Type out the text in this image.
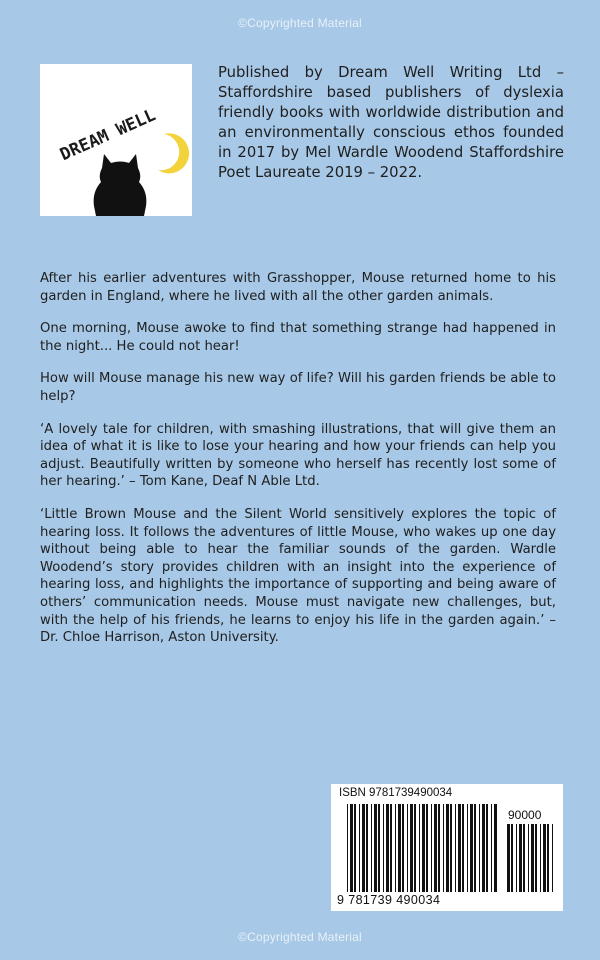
©Copyrighted Material
DREAM WELL

Published by Dream Well Writing Ltd – Staffordshire based publishers of dyslexia friendly books with worldwide distribution and an environmentally conscious ethos founded in 2017 by Mel Wardle Woodend Staffordshire Poet Laureate 2019 – 2022.

After his earlier adventures with Grasshopper, Mouse returned home to his garden in England, where he lived with all the other garden animals.

One morning, Mouse awoke to find that something strange had happened in the night... He could not hear!

How will Mouse manage his new way of life? Will his garden friends be able to help?

‘A lovely tale for children, with smashing illustrations, that will give them an idea of what it is like to lose your hearing and how your friends can help you adjust. Beautifully written by someone who herself has recently lost some of her hearing.’ – Tom Kane, Deaf N Able Ltd.

‘Little Brown Mouse and the Silent World sensitively explores the topic of hearing loss. It follows the adventures of little Mouse, who wakes up one day without being able to hear the familiar sounds of the garden. Wardle Woodend’s story provides children with an insight into the experience of hearing loss, and highlights the importance of supporting and being aware of others’ communication needs. Mouse must navigate new challenges, but, with the help of his friends, he learns to enjoy his life in the garden again.’ – Dr. Chloe Harrison, Aston University.

ISBN 9781739490034
90000
9 781739 490034
©Copyrighted Material
